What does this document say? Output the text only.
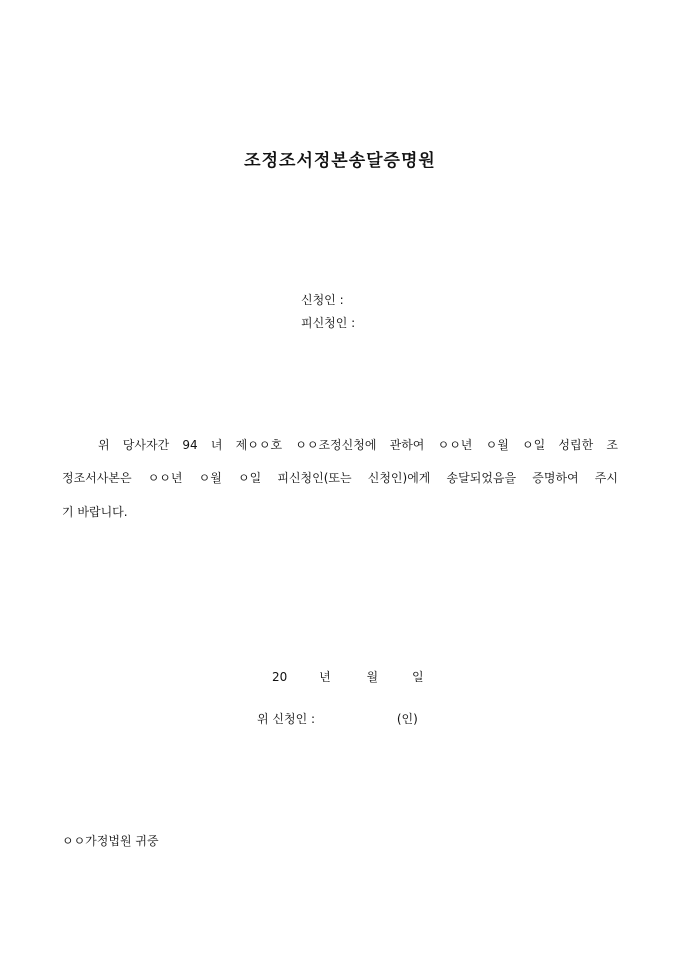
조정조서정본송달증명원
신청인 :
피신청인 :
위 당사자간 94 녀 제ㅇㅇ호 ㅇㅇ조정신청에 관하여 ㅇㅇ년 ㅇ월 ㅇ일 성립한 조
정조서사본은 ㅇㅇ년 ㅇ월 ㅇ일 피신청인(또는 신청인)에게 송달되었음을 증명하여 주시
기 바랍니다.
20	년	월	일
위 신청인 :	(인)
ㅇㅇ가정법원 귀중
